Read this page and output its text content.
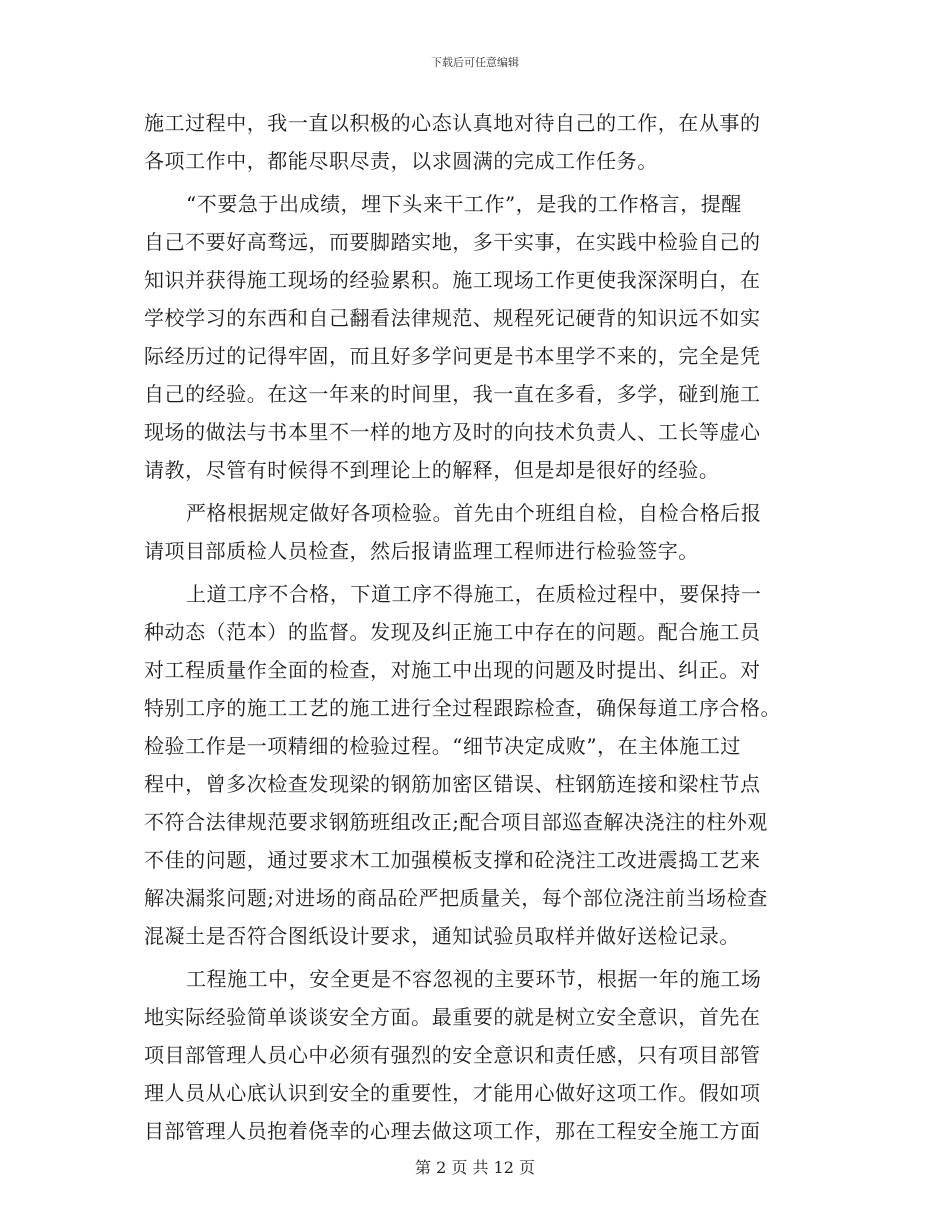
下载后可任意编辑
施工过程中，我一直以积极的心态认真地对待自己的工作，在从事的
各项工作中，都能尽职尽责，以求圆满的完成工作任务。
“不要急于出成绩，埋下头来干工作”，是我的工作格言，提醒
自己不要好高骛远，而要脚踏实地，多干实事，在实践中检验自己的
知识并获得施工现场的经验累积。施工现场工作更使我深深明白，在
学校学习的东西和自己翻看法律规范、规程死记硬背的知识远不如实
际经历过的记得牢固，而且好多学问更是书本里学不来的，完全是凭
自己的经验。在这一年来的时间里，我一直在多看，多学，碰到施工
现场的做法与书本里不一样的地方及时的向技术负责人、工长等虚心
请教，尽管有时候得不到理论上的解释，但是却是很好的经验。
严格根据规定做好各项检验。首先由个班组自检，自检合格后报
请项目部质检人员检查，然后报请监理工程师进行检验签字。
上道工序不合格，下道工序不得施工，在质检过程中，要保持一
种动态（范本）的监督。发现及纠正施工中存在的问题。配合施工员
对工程质量作全面的检查，对施工中出现的问题及时提出、纠正。对
特别工序的施工工艺的施工进行全过程跟踪检查，确保每道工序合格。
检验工作是一项精细的检验过程。“细节决定成败”，在主体施工过
程中，曾多次检查发现梁的钢筋加密区错误、柱钢筋连接和梁柱节点
不符合法律规范要求钢筋班组改正;配合项目部巡查解决浇注的柱外观
不佳的问题，通过要求木工加强模板支撑和砼浇注工改进震捣工艺来
解决漏浆问题;对进场的商品砼严把质量关，每个部位浇注前当场检查
混凝土是否符合图纸设计要求，通知试验员取样并做好送检记录。
工程施工中，安全更是不容忽视的主要环节，根据一年的施工场
地实际经验简单谈谈安全方面。最重要的就是树立安全意识，首先在
项目部管理人员心中必须有强烈的安全意识和责任感，只有项目部管
理人员从心底认识到安全的重要性，才能用心做好这项工作。假如项
目部管理人员抱着侥幸的心理去做这项工作，那在工程安全施工方面
第 2 页 共 12 页
